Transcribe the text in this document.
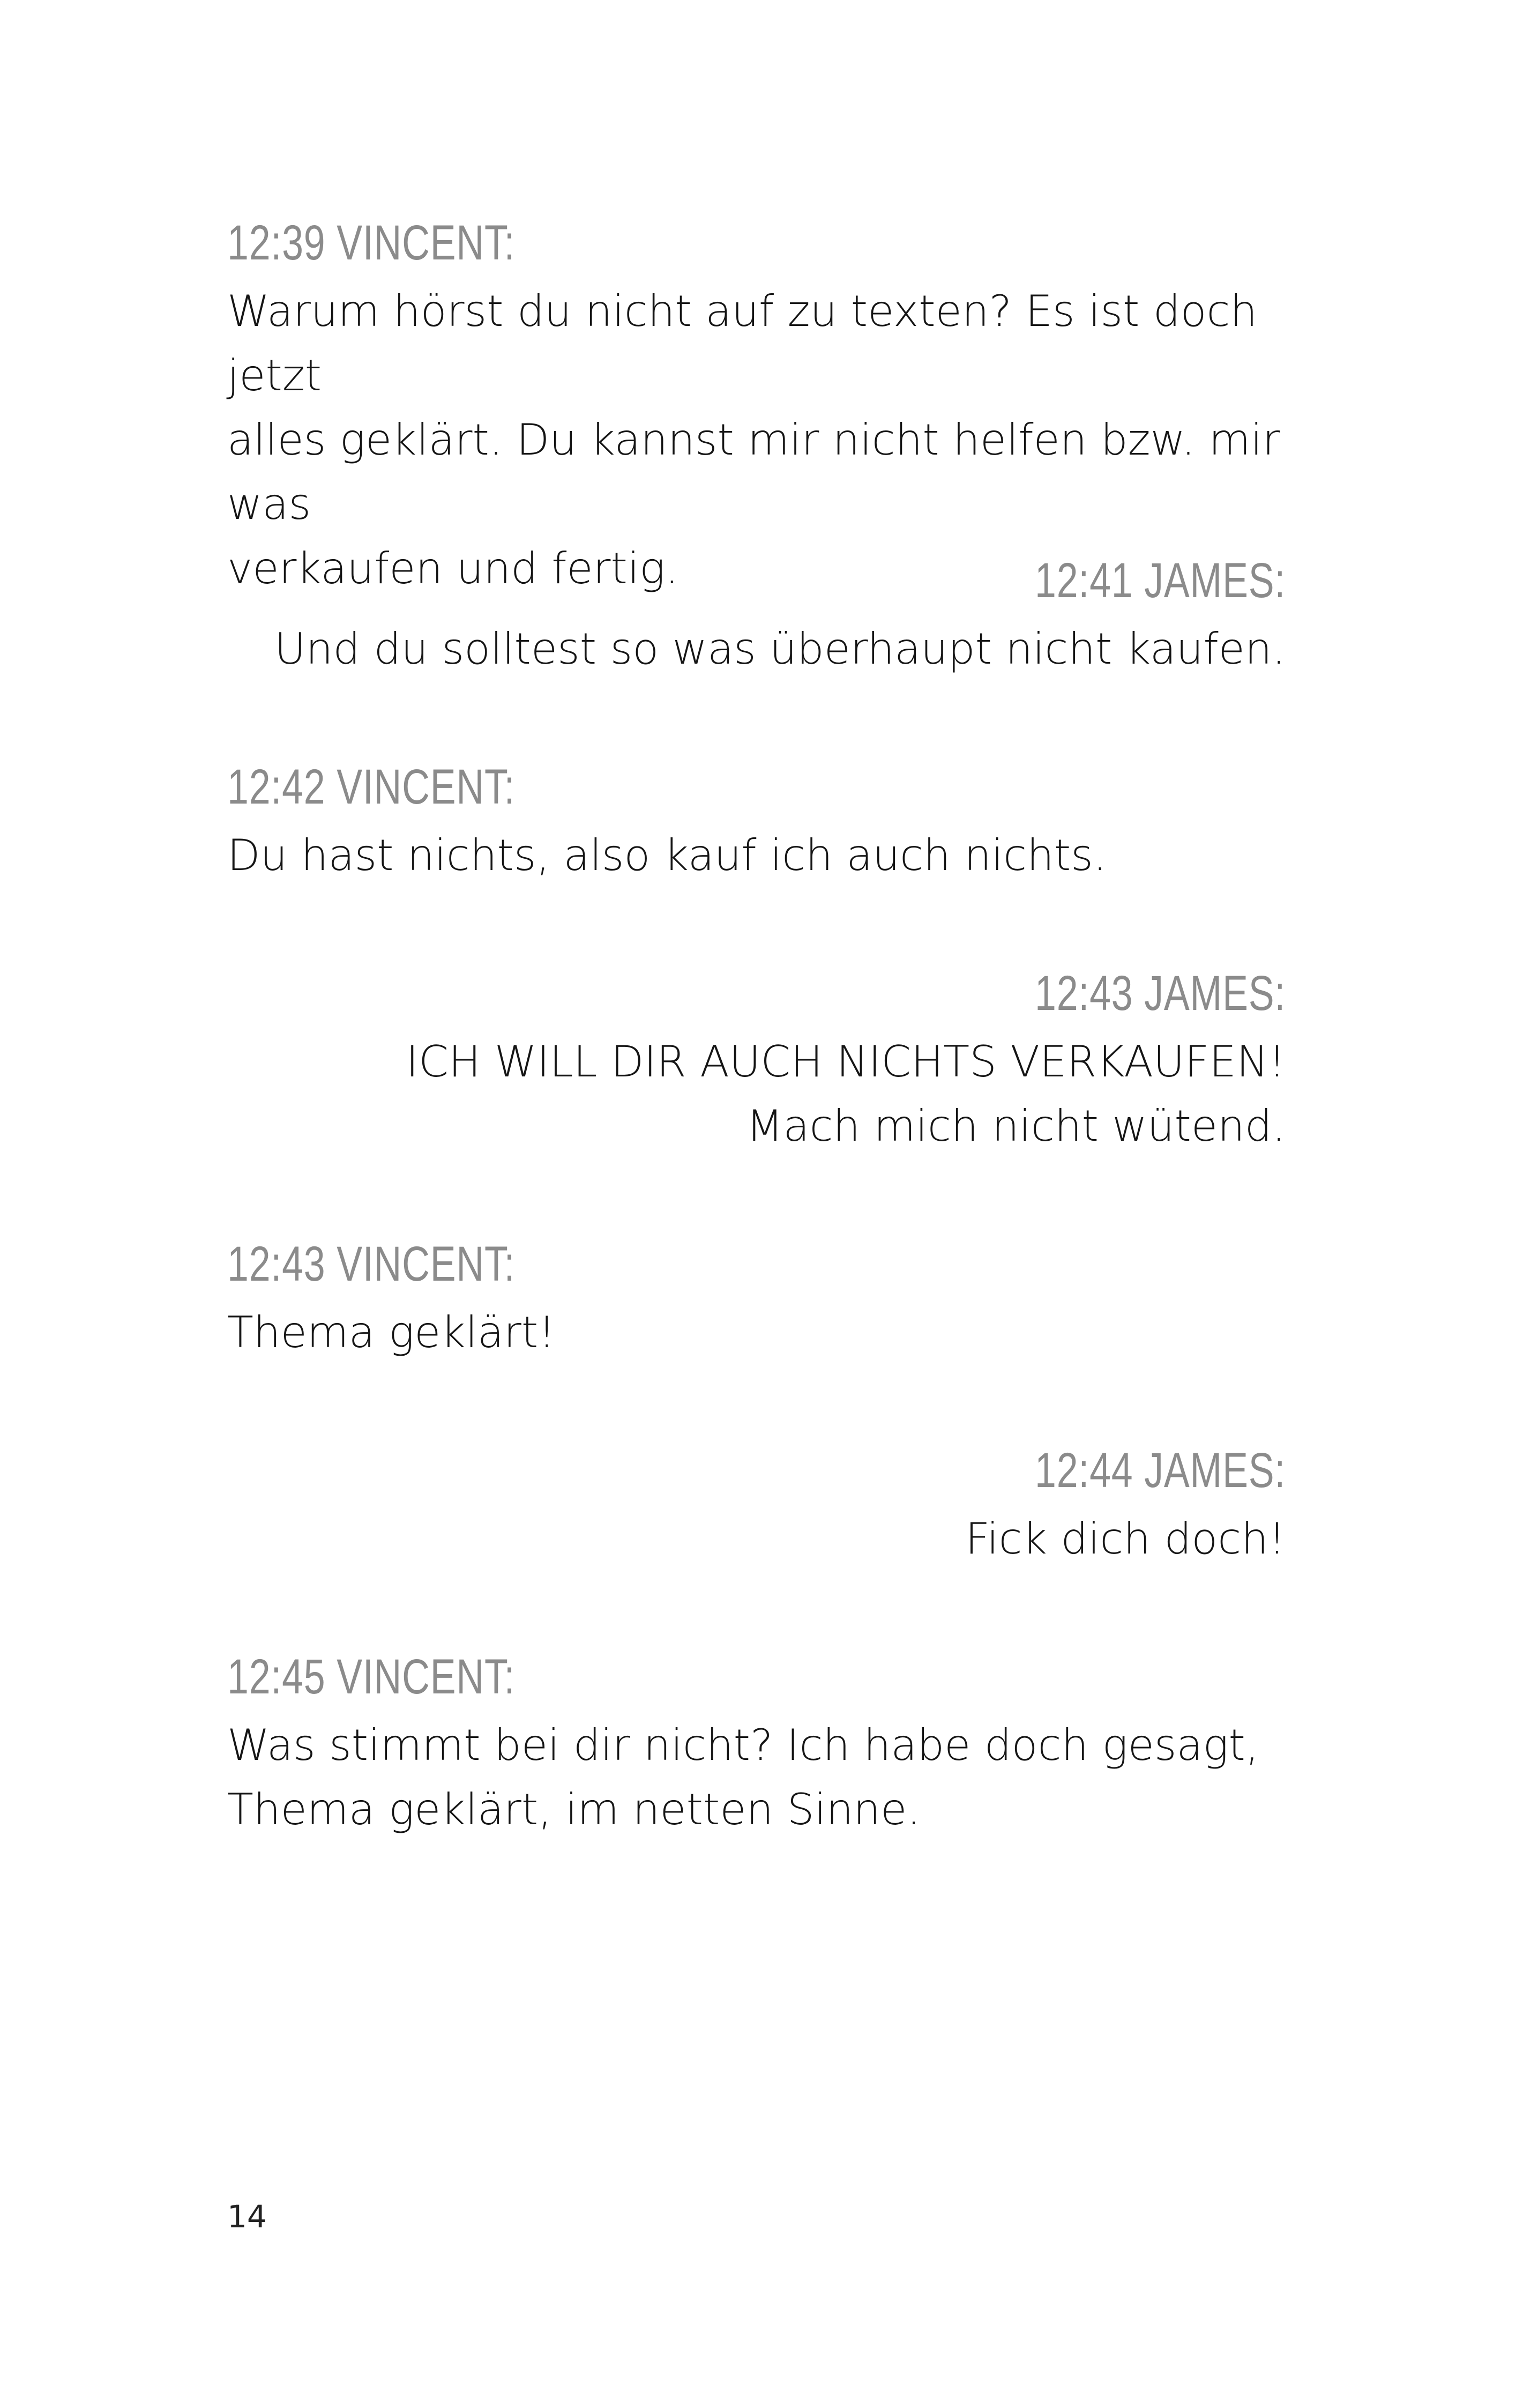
12:39 VINCENT:
Warum hörst du nicht auf zu texten? Es ist doch jetzt
alles geklärt. Du kannst mir nicht helfen bzw. mir was
verkaufen und fertig.	12:41 JAMES:
Und du solltest so was überhaupt nicht kaufen.
12:42 VINCENT:
Du hast nichts, also kauf ich auch nichts.
12:43 JAMES:
ICH WILL DIR AUCH NICHTS VERKAUFEN!
Mach mich nicht wütend.
12:43 VINCENT:
Thema geklärt!
12:44 JAMES:
Fick dich doch!
12:45 VINCENT:
Was stimmt bei dir nicht? Ich habe doch gesagt,
Thema geklärt, im netten Sinne.
14
